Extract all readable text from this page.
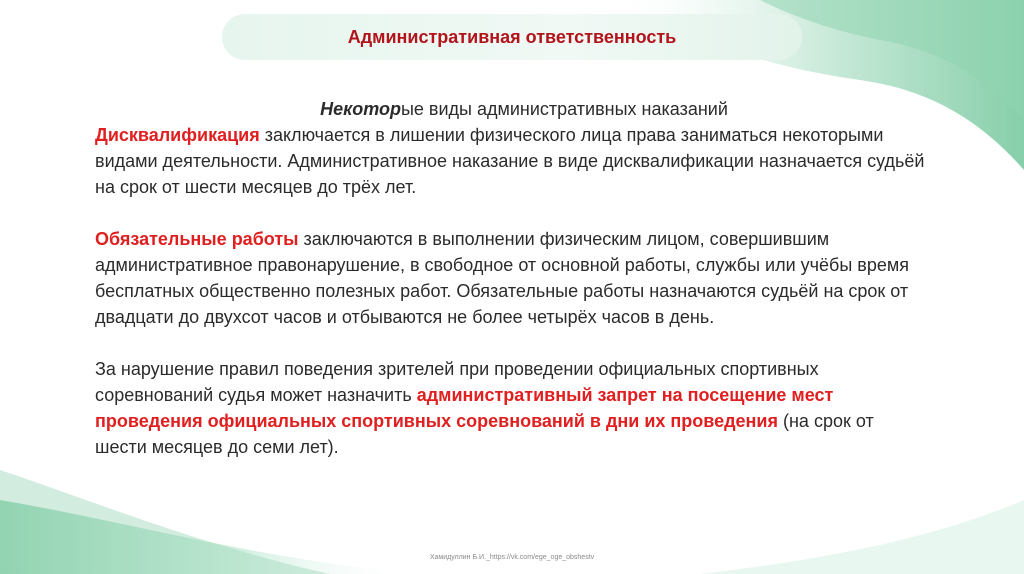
Административная ответственность
Некоторые виды административных наказаний

Дисквалификация заключается в лишении физического лица права заниматься некоторыми видами деятельности. Административное наказание в виде дисквалификации назначается судьёй на срок от шести месяцев до трёх лет.

Обязательные работы заключаются в выполнении физическим лицом, совершившим административное правонарушение, в свободное от основной работы, службы или учёбы время бесплатных общественно полезных работ. Обязательные работы назначаются судьёй на срок от двадцати до двухсот часов и отбываются не более четырёх часов в день.

За нарушение правил поведения зрителей при проведении официальных спортивных соревнований судья может назначить административный запрет на посещение мест проведения официальных спортивных соревнований в дни их проведения (на срок от шести месяцев до семи лет).

Хамидуллин Б.И._https://vk.com/ege_oge_obshestv
